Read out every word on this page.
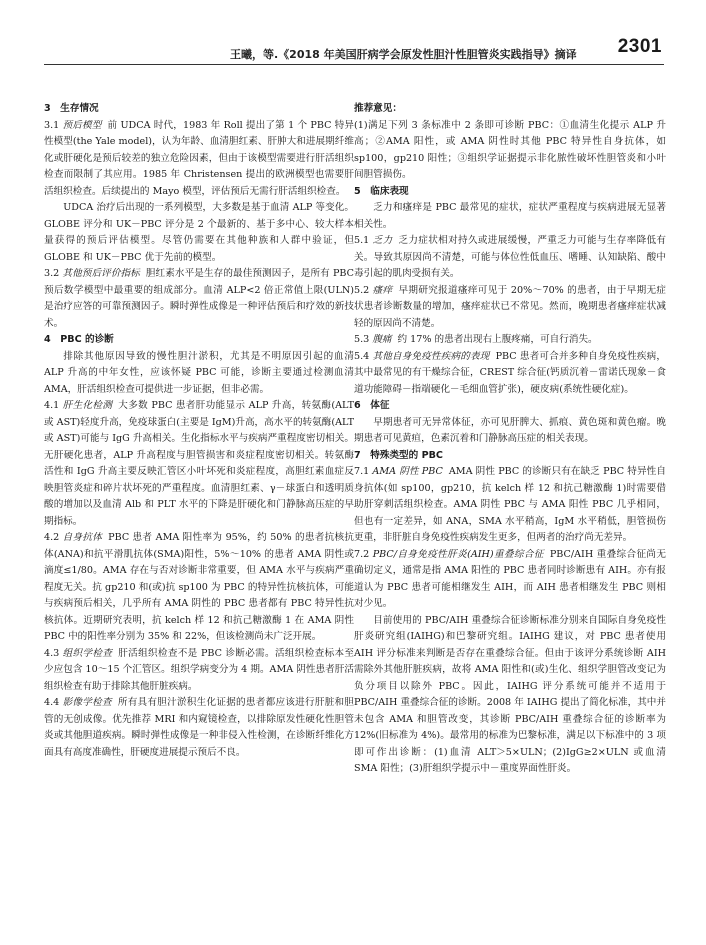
王曦，等.《2018 年美国肝病学会原发性胆汁性胆管炎实践指导》摘译 2301
3　生存情况

3.1 预后模型 前 UDCA 时代，1983 年 Roll 提出了第 1 个 PBC 特异性模型(the Yale model)，认为年龄、血清胆红素、肝肿大和进展期纤维化或肝硬化是预后较差的独立危险因素，但由于该模型需要进行肝活组织检查而限制了其应用。1985 年 Christensen 提出的欧洲模型也需要肝活组织检查。后续提出的 Mayo 模型，评估预后无需行肝活组织检查。

UDCA 治疗后出现的一系列模型，大多数是基于血清 ALP 等变化。GLOBE 评分和 UK－PBC 评分是 2 个最新的、基于多中心、较大样本量获得的预后评估模型。尽管仍需要在其他种族和人群中验证，但 GLOBE 和 UK－PBC 优于先前的模型。

3.2 其他预后评价指标 胆红素水平是生存的最佳预测因子，是所有 PBC 预后数学模型中最重要的组成部分。血清 ALP<2 倍正常值上限(ULN)是治疗应答的可靠预测因子。瞬时弹性成像是一种评估预后和疗效的新技术。

4　PBC 的诊断

排除其他原因导致的慢性胆汁淤积，尤其是不明原因引起的血清 ALP 升高的中年女性，应该怀疑 PBC 可能，诊断主要通过检测血清 AMA，肝活组织检查可提供进一步证据，但非必需。

4.1 肝生化检测 大多数 PBC 患者肝功能显示 ALP 升高，转氨酶(ALT 或 AST)轻度升高，免疫球蛋白(主要是 IgM)升高，高水平的转氨酶(ALT 或 AST)可能与 IgG 升高相关。生化指标水平与疾病严重程度密切相关。无肝硬化患者，ALP 升高程度与胆管损害和炎症程度密切相关。转氨酶活性和 IgG 升高主要反映汇管区小叶坏死和炎症程度，高胆红素血症反映胆管炎症和碎片状坏死的严重程度。血清胆红素、γ－球蛋白和透明质酸的增加以及血清 Alb 和 PLT 水平的下降是肝硬化和门静脉高压症的早期指标。

4.2 自身抗体 PBC 患者 AMA 阳性率为 95%，约 50% 的患者抗核抗体(ANA)和抗平滑肌抗体(SMA)阳性，5%～10% 的患者 AMA 阴性或滴度≤1/80。AMA 存在与否对诊断非常重要，但 AMA 水平与疾病严重程度无关。抗 gp210 和(或)抗 sp100 为 PBC 的特异性抗核抗体，可能与疾病预后相关，几乎所有 AMA 阴性的 PBC 患者都有 PBC 特异性抗核抗体。近期研究表明，抗 kelch 样 12 和抗己糖激酶 1 在 AMA 阴性 PBC 中的阳性率分别为 35% 和 22%，但该检测尚未广泛开展。

4.3 组织学检查 肝活组织检查不是 PBC 诊断必需。活组织检查标本至少应包含 10～15 个汇管区。组织学病变分为 4 期。AMA 阴性患者肝活组织检查有助于排除其他肝脏疾病。

4.4 影像学检查 所有具有胆汁淤积生化证据的患者都应该进行肝脏和胆管的无创成像。优先推荐 MRI 和内窥镜检查，以排除原发性硬化性胆管炎或其他胆道疾病。瞬时弹性成像是一种非侵入性检测，在诊断纤维化方面具有高度准确性，肝硬度进展提示预后不良。

推荐意见：

(1)满足下列 3 条标准中 2 条即可诊断 PBC：①血清生化提示 ALP 升高；②AMA 阳性，或 AMA 阴性时其他 PBC 特异性自身抗体，如 sp100，gp210 阳性；③组织学证据提示非化脓性破坏性胆管炎和小叶间胆管损伤。

5　临床表现

乏力和瘙痒是 PBC 最常见的症状，症状严重程度与疾病进展无显著相关性。

5.1 乏力 乏力症状相对持久或进展缓慢，严重乏力可能与生存率降低有关。导致其原因尚不清楚，可能与体位性低血压、嗜睡、认知缺陷、酸中毒引起的肌肉受损有关。

5.2 瘙痒 早期研究报道瘙痒可见于 20%～70% 的患者，由于早期无症状患者诊断数量的增加，瘙痒症状已不常见。然而，晚期患者瘙痒症状减轻的原因尚不清楚。

5.3 腹痛 约 17% 的患者出现右上腹疼痛，可自行消失。

5.4 其他自身免疫性疾病的表现 PBC 患者可合并多种自身免疫性疾病，其中最常见的有干燥综合征，CREST 综合征(钙质沉着－雷诺氏现象－食道功能障碍－指端硬化－毛细血管扩张)，硬皮病(系统性硬化症)。

6　体征

早期患者可无异常体征，亦可见肝脾大、抓痕、黄色斑和黄色瘤。晚期患者可见黄疸，色素沉着和门静脉高压症的相关表现。

7　特殊类型的 PBC

7.1 AMA 阴性 PBC AMA 阴性 PBC 的诊断只有在缺乏 PBC 特异性自身抗体(如 sp100，gp210，抗 kelch 样 12 和抗己糖激酶 1)时需要借助肝穿刺活组织检查。AMA 阴性 PBC 与 AMA 阳性 PBC 几乎相同，但也有一定差异，如 ANA，SMA 水平稍高，IgM 水平稍低，胆管损伤更重，非肝脏自身免疫性疾病发生更多，但两者的治疗尚无差异。

7.2 PBC/自身免疫性肝炎(AIH)重叠综合征 PBC/AIH 重叠综合征尚无确切定义，通常是指 AMA 阳性的 PBC 患者同时诊断患有 AIH。亦有报道认为 PBC 患者可能相继发生 AIH，而 AIH 患者相继发生 PBC 则相对少见。

目前使用的 PBC/AIH 重叠综合征诊断标准分别来自国际自身免疫性肝炎研究组(IAIHG)和巴黎研究组。IAIHG 建议，对 PBC 患者使用 AIH 评分标准来判断是否存在重叠综合征。但由于该评分系统诊断 AIH 需除外其他肝脏疾病，故将 AMA 阳性和(或)生化、组织学胆管改变记为负分项目以除外 PBC。因此，IAIHG 评分系统可能并不适用于 PBC/AIH 重叠综合征的诊断。2008 年 IAIHG 提出了简化标准，其中并未包含 AMA 和胆管改变，其诊断 PBC/AIH 重叠综合征的诊断率为 12%(旧标准为 4%)。最常用的标准为巴黎标准，满足以下标准中的 3 项即可作出诊断：(1)血清 ALT＞5×ULN；(2)IgG≥2×ULN 或血清 SMA 阳性；(3)肝组织学提示中－重度界面性肝炎。
